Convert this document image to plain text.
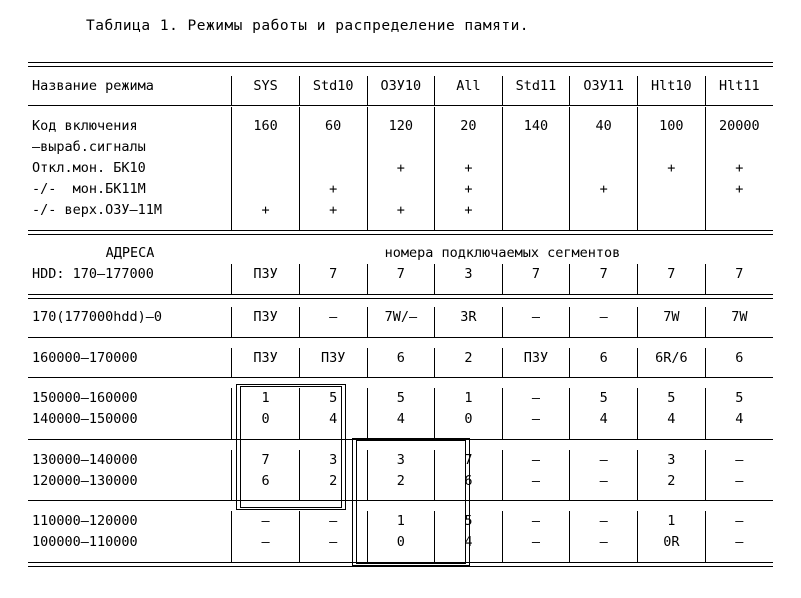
Таблица 1. Режимы работы и распределение памяти.

Название режима	SYS	Std10	ОЗУ10	All	Std11	ОЗУ11	Hlt10	Hlt11

Код включения	160	60	120	20	140	40	100	20000
–выраб.сигналы								
Откл.мон. БК10			+	+			+	+
-/-  мон.БК11М		+		+		+		+
-/- верх.ОЗУ–11М	+	+	+	+				

АДРЕСА	номера подключаемых сегментов							
HDD: 170–177000	ПЗУ	7	7	3	7	7	7	7

170(177000hdd)–0	ПЗУ	–	7W/–	3R	–	–	7W	7W

160000–170000	ПЗУ	ПЗУ	6	2	ПЗУ	6	6R/6	6

150000–160000	1	5	5	1	–	5	5	5
140000–150000	0	4	4	0	–	4	4	4

130000–140000	7	3	3	7	–	–	3	–
120000–130000	6	2	2	6	–	–	2	–

110000–120000	–	–	1	5	–	–	1	–
100000–110000	–	–	0	4	–	–	0R	–
